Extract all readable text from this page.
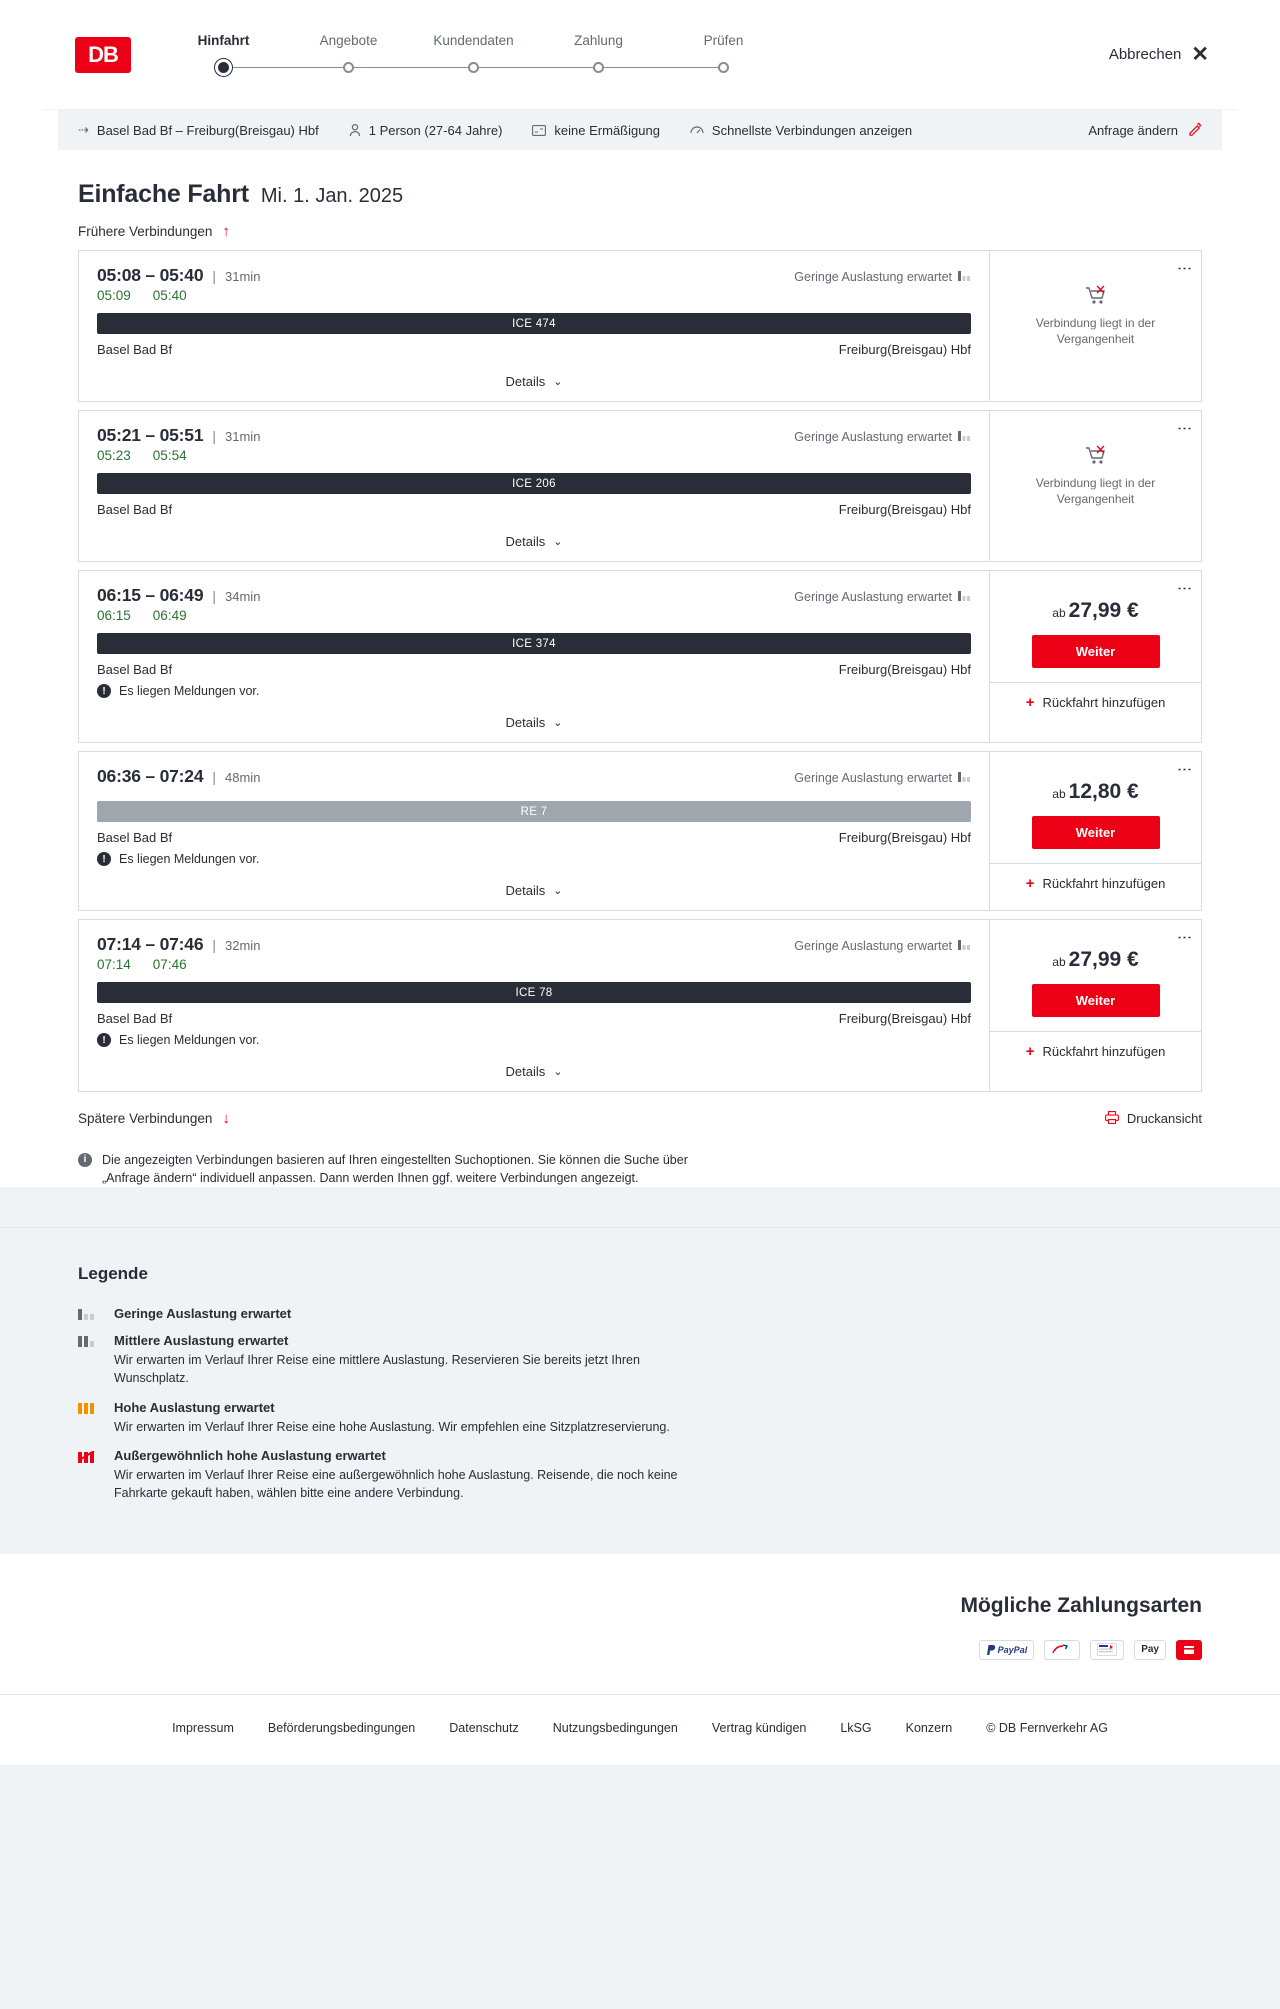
DB
Hinfahrt	Angebote	Kundendaten	Zahlung	Prüfen
Abbrechen ✕
⇢ Basel Bad Bf – Freiburg(Breisgau) Hbf	1 Person (27-64 Jahre)	keine Ermäßigung	Schnellste Verbindungen anzeigen	Anfrage ändern
Einfache Fahrt Mi. 1. Jan. 2025
Frühere Verbindungen ↑
05:08 – 05:40 | 31min	Geringe Auslastung erwartet
05:09 05:40
ICE 474
Basel Bad Bf	Freiburg(Breisgau) Hbf
Details ⌄
⋮
Verbindung liegt in der Vergangenheit
05:21 – 05:51 | 31min	Geringe Auslastung erwartet
05:23 05:54
ICE 206
Basel Bad Bf	Freiburg(Breisgau) Hbf
Details ⌄
⋮
Verbindung liegt in der Vergangenheit
06:15 – 06:49 | 34min	Geringe Auslastung erwartet
06:15 06:49
ICE 374
Basel Bad Bf	Freiburg(Breisgau) Hbf
!	Es liegen Meldungen vor.
Details ⌄
⋮
ab 27,99 €
Weiter
+ Rückfahrt hinzufügen
06:36 – 07:24 | 48min	Geringe Auslastung erwartet
RE 7
Basel Bad Bf	Freiburg(Breisgau) Hbf
!	Es liegen Meldungen vor.
Details ⌄
⋮
ab 12,80 €
Weiter
+ Rückfahrt hinzufügen
07:14 – 07:46 | 32min	Geringe Auslastung erwartet
07:14 07:46
ICE 78
Basel Bad Bf	Freiburg(Breisgau) Hbf
!	Es liegen Meldungen vor.
Details ⌄
⋮
ab 27,99 €
Weiter
+ Rückfahrt hinzufügen
Spätere Verbindungen ↓	Druckansicht
i	Die angezeigten Verbindungen basieren auf Ihren eingestellten Suchoptionen. Sie können die Suche über „Anfrage ändern“ individuell anpassen. Dann werden Ihnen ggf. weitere Verbindungen angezeigt.
Legende
Geringe Auslastung erwartet
Mittlere Auslastung erwartet
Wir erwarten im Verlauf Ihrer Reise eine mittlere Auslastung. Reservieren Sie bereits jetzt Ihren Wunschplatz.
Hohe Auslastung erwartet
Wir erwarten im Verlauf Ihrer Reise eine hohe Auslastung. Wir empfehlen eine Sitzplatzreservierung.
Außergewöhnlich hohe Auslastung erwartet
Wir erwarten im Verlauf Ihrer Reise eine außergewöhnlich hohe Auslastung. Reisende, die noch keine Fahrkarte gekauft haben, wählen bitte eine andere Verbindung.
Mögliche Zahlungsarten
PayPal	Pay
Impressum	Beförderungsbedingungen	Datenschutz	Nutzungsbedingungen	Vertrag kündigen	LkSG	Konzern	© DB Fernverkehr AG
